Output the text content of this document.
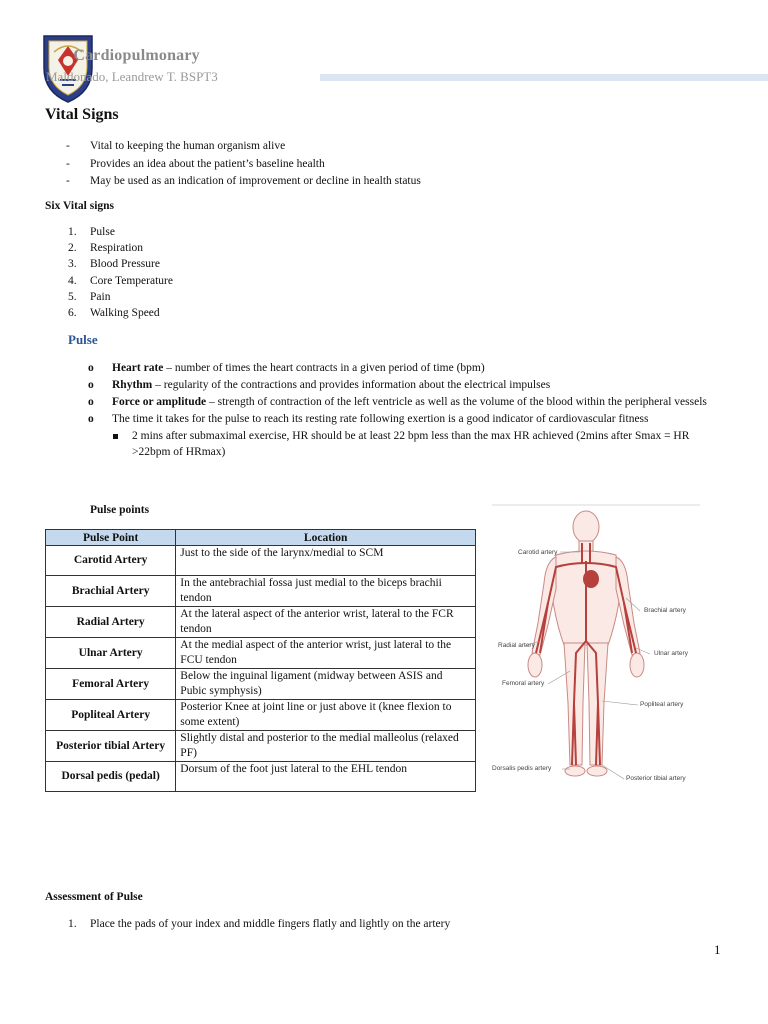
Cardiopulmonary
Maldonado, Leandrew T. BSPT3
Vital Signs
- Vital to keeping the human organism alive
- Provides an idea about the patient’s baseline health
- May be used as an indication of improvement or decline in health status
Six Vital signs
1. Pulse
2. Respiration
3. Blood Pressure
4. Core Temperature
5. Pain
6. Walking Speed
Pulse
o Heart rate – number of times the heart contracts in a given period of time (bpm)
o Rhythm – regularity of the contractions and provides information about the electrical impulses
o Force or amplitude – strength of contraction of the left ventricle as well as the volume of the blood within the peripheral vessels
o The time it takes for the pulse to reach its resting rate following exertion is a good indicator of cardiovascular fitness
2 mins after submaximal exercise, HR should be at least 22 bpm less than the max HR achieved (2mins after Smax = HR >22bpm of HRmax)
Pulse points
Pulse Point	Location
Carotid Artery	Just to the side of the larynx/medial to SCM
Brachial Artery	In the antebrachial fossa just medial to the biceps brachii tendon
Radial Artery	At the lateral aspect of the anterior wrist, lateral to the FCR tendon
Ulnar Artery	At the medial aspect of the anterior wrist, just lateral to the FCU tendon
Femoral Artery	Below the inguinal ligament (midway between ASIS and Pubic symphysis)
Popliteal Artery	Posterior Knee at joint line or just above it (knee flexion to some extent)
Posterior tibial Artery	Slightly distal and posterior to the medial malleolus (relaxed PF)
Dorsal pedis (pedal)	Dorsum of the foot just lateral to the EHL tendon
Carotid artery
Brachial artery
Radial artery
Ulnar artery
Femoral artery
Popliteal artery
Dorsalis pedis artery
Posterior tibial artery
Assessment of Pulse
1. Place the pads of your index and middle fingers flatly and lightly on the artery
1
